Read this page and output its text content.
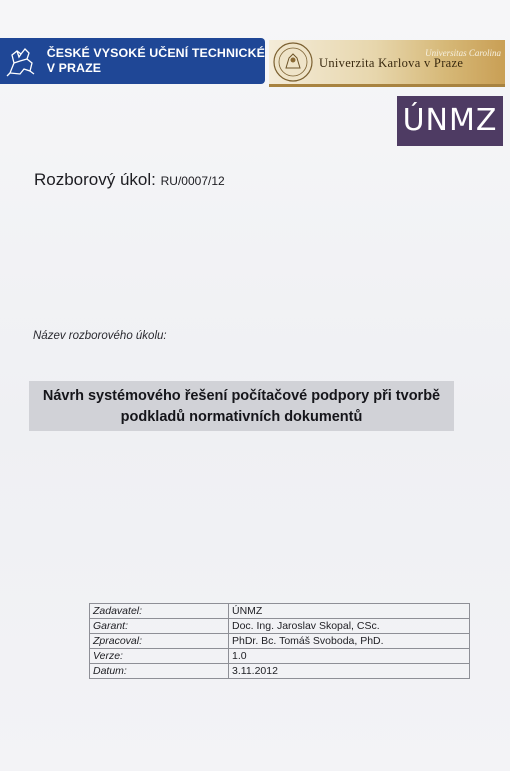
ČESKÉ VYSOKÉ UČENÍ TECHNICKÉ
V PRAZE	Univerzita Karlova v Praze
Universitas Carolina
ÚNMZ
Rozborový úkol: RU/0007/12
Název rozborového úkolu:
Návrh systémového řešení počítačové podpory při tvorbě
podkladů normativních dokumentů
Zadavatel:	ÚNMZ
Garant:	Doc. Ing. Jaroslav Skopal, CSc.
Zpracoval:	PhDr. Bc. Tomáš Svoboda, PhD.
Verze:	1.0
Datum:	3.11.2012
